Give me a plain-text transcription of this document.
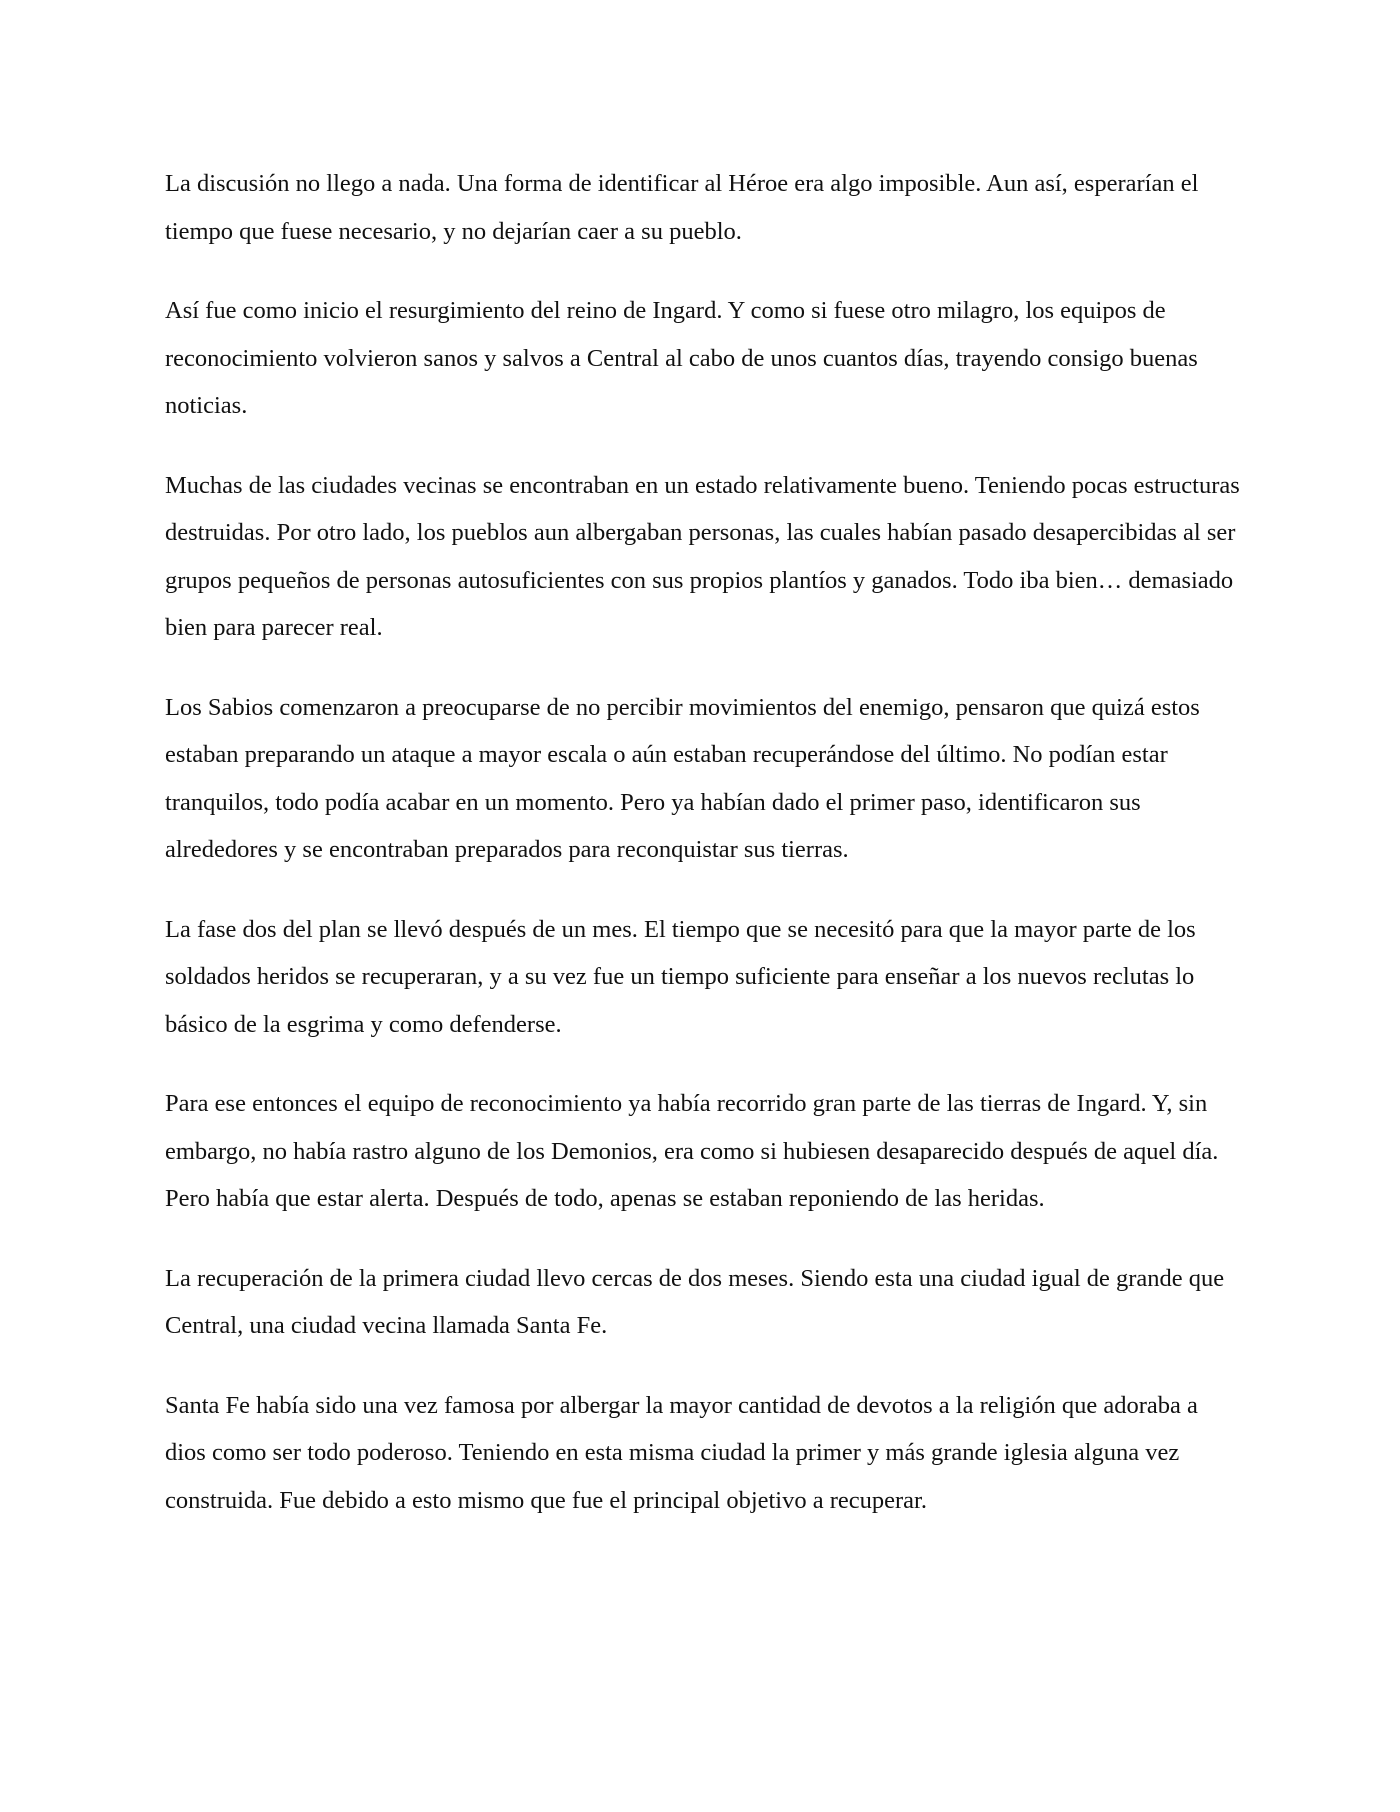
La discusión no llego a nada. Una forma de identificar al Héroe era algo imposible. Aun así, esperarían el tiempo que fuese necesario, y no dejarían caer a su pueblo.

Así fue como inicio el resurgimiento del reino de Ingard. Y como si fuese otro milagro, los equipos de reconocimiento volvieron sanos y salvos a Central al cabo de unos cuantos días, trayendo consigo buenas noticias.

Muchas de las ciudades vecinas se encontraban en un estado relativamente bueno. Teniendo pocas estructuras destruidas. Por otro lado, los pueblos aun albergaban personas, las cuales habían pasado desapercibidas al ser grupos pequeños de personas autosuficientes con sus propios plantíos y ganados. Todo iba bien… demasiado bien para parecer real.

Los Sabios comenzaron a preocuparse de no percibir movimientos del enemigo, pensaron que quizá estos estaban preparando un ataque a mayor escala o aún estaban recuperándose del último. No podían estar tranquilos, todo podía acabar en un momento. Pero ya habían dado el primer paso, identificaron sus alrededores y se encontraban preparados para reconquistar sus tierras.

La fase dos del plan se llevó después de un mes. El tiempo que se necesitó para que la mayor parte de los soldados heridos se recuperaran, y a su vez fue un tiempo suficiente para enseñar a los nuevos reclutas lo básico de la esgrima y como defenderse.

Para ese entonces el equipo de reconocimiento ya había recorrido gran parte de las tierras de Ingard. Y, sin embargo, no había rastro alguno de los Demonios, era como si hubiesen desaparecido después de aquel día. Pero había que estar alerta. Después de todo, apenas se estaban reponiendo de las heridas.

La recuperación de la primera ciudad llevo cercas de dos meses. Siendo esta una ciudad igual de grande que Central, una ciudad vecina llamada Santa Fe.

Santa Fe había sido una vez famosa por albergar la mayor cantidad de devotos a la religión que adoraba a dios como ser todo poderoso. Teniendo en esta misma ciudad la primer y más grande iglesia alguna vez construida. Fue debido a esto mismo que fue el principal objetivo a recuperar.
